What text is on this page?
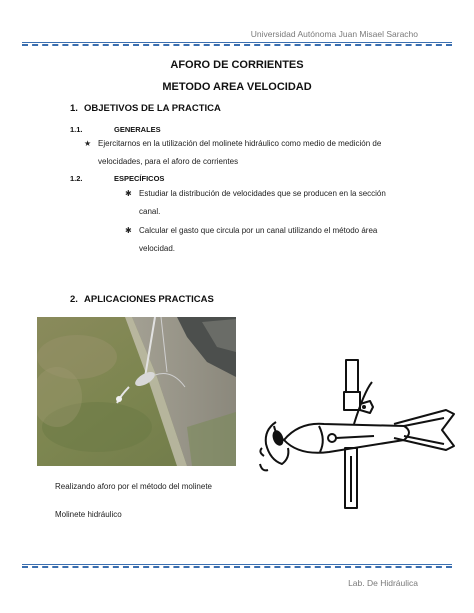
Universidad Autónoma Juan Misael Saracho
AFORO DE CORRIENTES
METODO AREA VELOCIDAD
1. OBJETIVOS DE LA PRACTICA
1.1.	GENERALES
★ Ejercitarnos en la utilización del molinete hidráulico como medio de medición de
velocidades, para el aforo de corrientes
1.2.	ESPECÍFICOS
✱ Estudiar la distribución de velocidades que se producen en la sección
canal.
✱ Calcular el gasto que circula por un canal utilizando el método área
velocidad.
2. APLICACIONES PRACTICAS
Realizando aforo por el método del molinete
Molinete hidráulico
Lab. De Hidráulica
